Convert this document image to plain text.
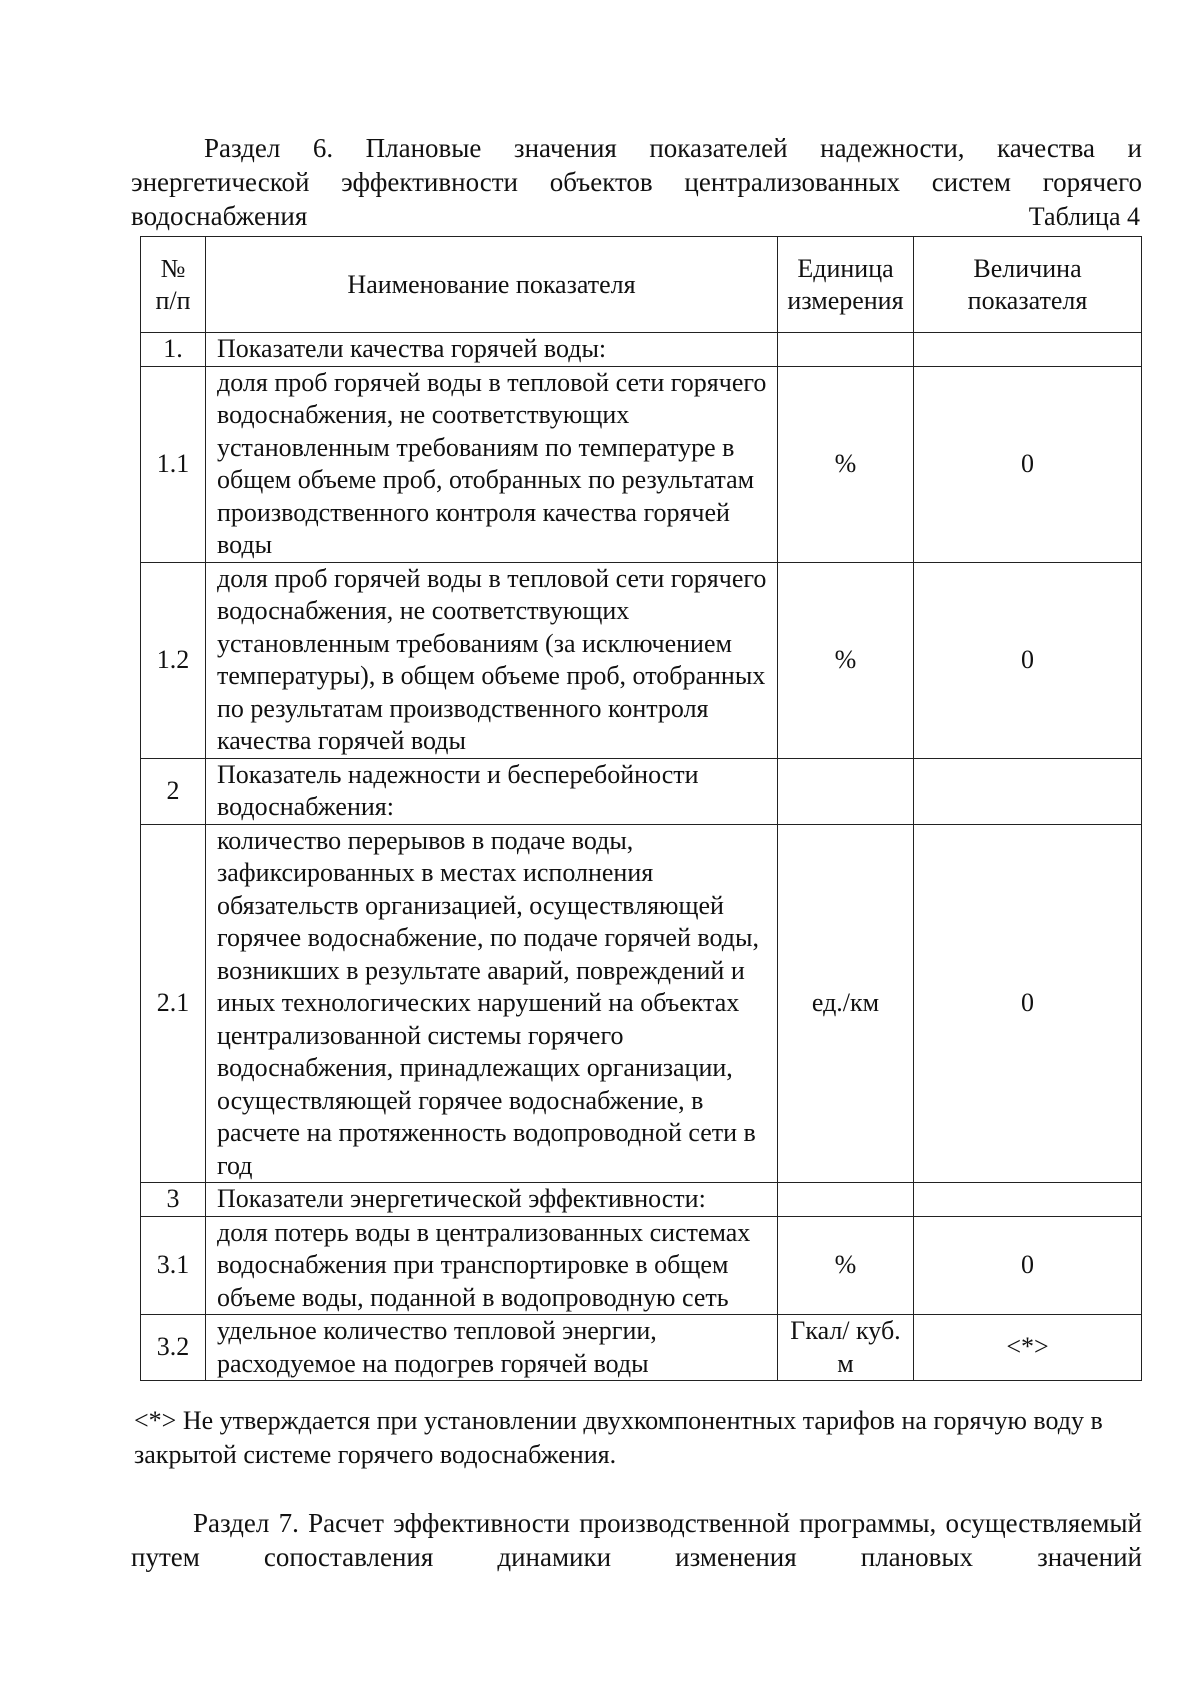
Раздел 6. Плановые значения показателей надежности, качества и энергетической эффективности объектов централизованных систем горячего водоснабжения	Таблица 4
№ п/п	Наименование показателя	Единица измерения	Величина показателя
1.	Показатели качества горячей воды:		
1.1	доля проб горячей воды в тепловой сети горячего водоснабжения, не соответствующих установленным требованиям по температуре в общем объеме проб, отобранных по результатам производственного контроля качества горячей воды	%	0
1.2	доля проб горячей воды в тепловой сети горячего водоснабжения, не соответствующих установленным требованиям (за исключением температуры), в общем объеме проб, отобранных по результатам производственного контроля качества горячей воды	%	0
2	Показатель надежности и бесперебойности водоснабжения:		
2.1	количество перерывов в подаче воды, зафиксированных в местах исполнения обязательств организацией, осуществляющей горячее водоснабжение, по подаче горячей воды, возникших в результате аварий, повреждений и иных технологических нарушений на объектах централизованной системы горячего водоснабжения, принадлежащих организации, осуществляющей горячее водоснабжение, в расчете на протяженность водопроводной сети в год	ед./км	0
3	Показатели энергетической эффективности:		
3.1	доля потерь воды в централизованных системах водоснабжения при транспортировке в общем объеме воды, поданной в водопроводную сеть	%	0
3.2	удельное количество тепловой энергии, расходуемое на подогрев горячей воды	Гкал/ куб. м	<*>

<*> Не утверждается при установлении двухкомпонентных тарифов на горячую воду в закрытой системе горячего водоснабжения.

Раздел 7. Расчет эффективности производственной программы, осуществляемый путем сопоставления динамики изменения плановых значений
